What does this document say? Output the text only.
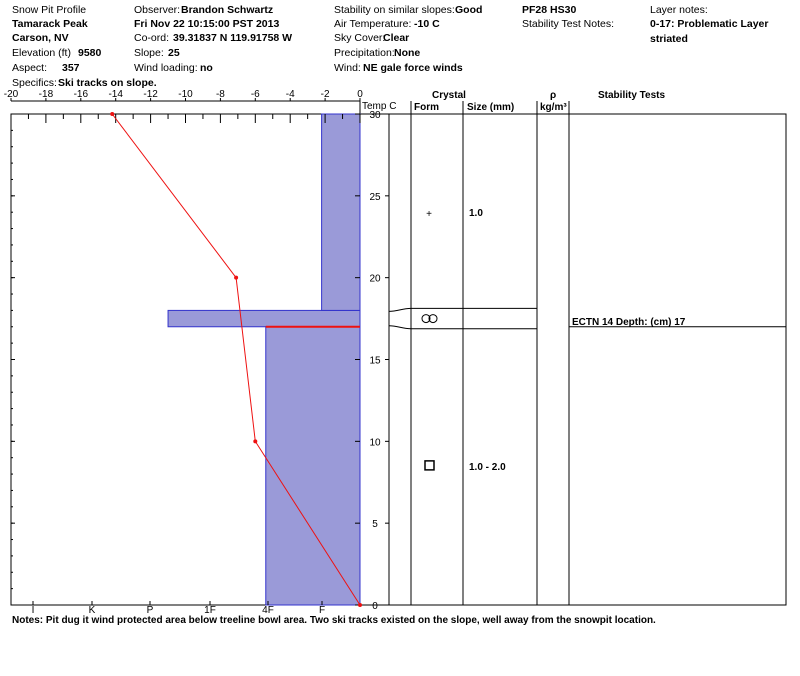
Snow Pit Profile
Tamarack Peak
Carson, NV
Elevation (ft) 9580
Aspect: 357
Specifics: Ski tracks on slope.
Observer: Brandon Schwartz
Fri Nov 22 10:15:00 PST 2013
Co-ord: 39.31837 N 119.91758 W
Slope: 25
Wind loading: no
Stability on similar slopes: Good
Air Temperature: -10 C
Sky Cover:
Clear
Precipitation: None
Wind: NE gale force winds
PF28 HS30
Stability Test Notes:
Layer notes:
0-17: Problematic Layer
striated
Temp C
Crystal
Form	Size (mm)
ρ
kg/m³
Stability Tests
-20 -18 -16 -14 -12 -10 -8	-6	-4	-2	0
0
5
10
15
20
25
30
I	K	P	1F	4F	F
+	1.0
1.0 - 2.0
ECTN 14 Depth: (cm) 17
Notes: Pit dug it wind protected area below treeline bowl area. Two ski tracks existed on the slope, well away from the snowpit location.
